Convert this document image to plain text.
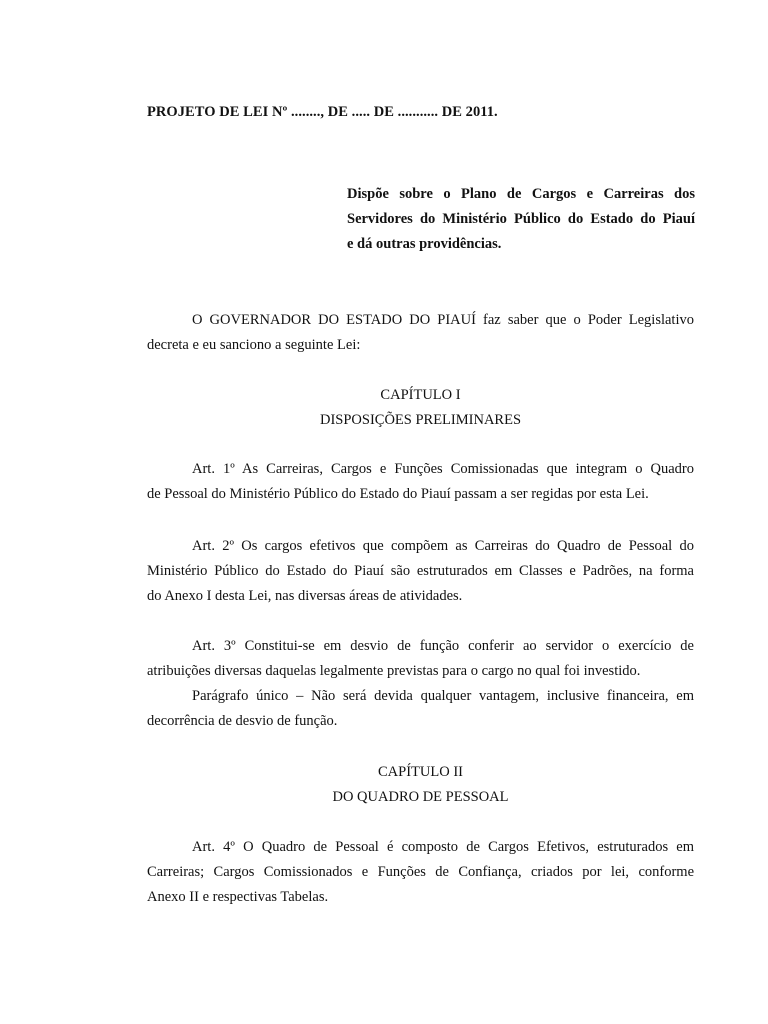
PROJETO DE LEI Nº ........, DE ..... DE ........... DE 2011.
Dispõe sobre o Plano de Cargos e Carreiras dos
Servidores do Ministério Público do Estado do Piauí
e dá outras providências.
O GOVERNADOR DO ESTADO DO PIAUÍ faz saber que o Poder Legislativo
decreta e eu sanciono a seguinte Lei:
CAPÍTULO I
DISPOSIÇÕES PRELIMINARES
Art. 1º As Carreiras, Cargos e Funções Comissionadas que integram o Quadro
de Pessoal do Ministério Público do Estado do Piauí passam a ser regidas por esta Lei.
Art. 2º Os cargos efetivos que compõem as Carreiras do Quadro de Pessoal do
Ministério Público do Estado do Piauí são estruturados em Classes e Padrões, na forma
do Anexo I desta Lei, nas diversas áreas de atividades.
Art. 3º Constitui-se em desvio de função conferir ao servidor o exercício de
atribuições diversas daquelas legalmente previstas para o cargo no qual foi investido.
Parágrafo único – Não será devida qualquer vantagem, inclusive financeira, em
decorrência de desvio de função.
CAPÍTULO II
DO QUADRO DE PESSOAL
Art. 4º O Quadro de Pessoal é composto de Cargos Efetivos, estruturados em
Carreiras; Cargos Comissionados e Funções de Confiança, criados por lei, conforme
Anexo II e respectivas Tabelas.
